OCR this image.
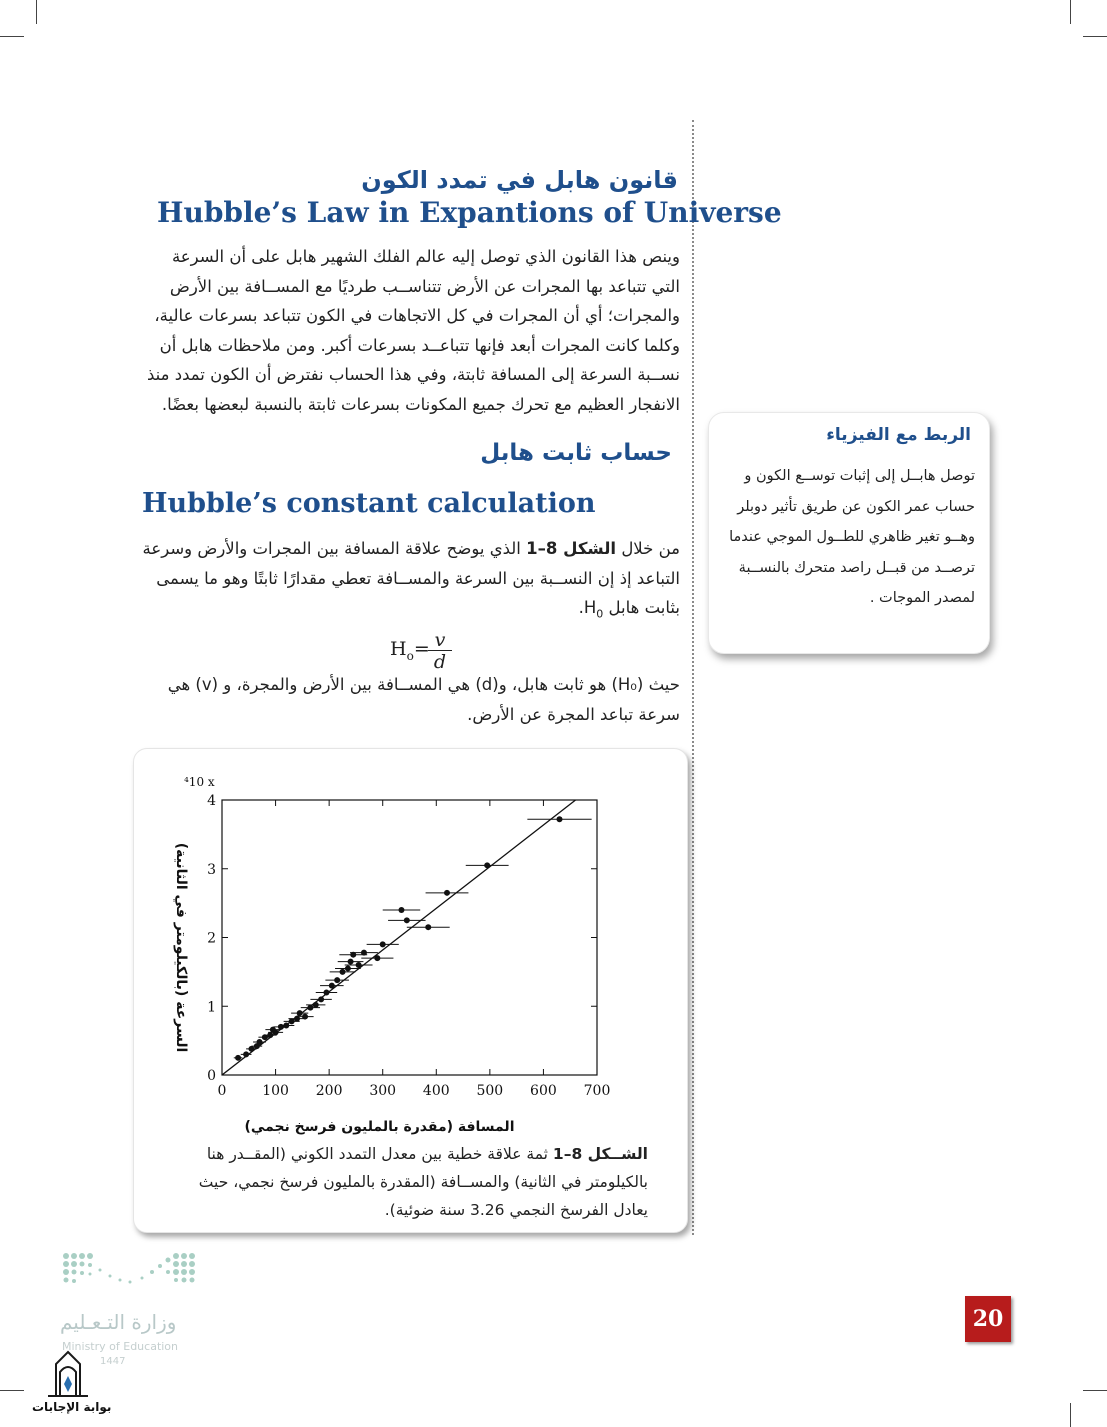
قانون هابل في تمدد الكون
Hubble’s Law in Expantions of Universe
وينص هذا القانون الذي توصل إليه عالم الفلك الشهير هابل على أن السرعة التي تتباعد بها المجرات عن الأرض تتناســب طرديًا مع المســافة بين الأرض والمجرات؛ أي أن المجرات في كل الاتجاهات في الكون تتباعد بسرعات عالية، وكلما كانت المجرات أبعد فإنها تتباعــد بسرعات أكبر. ومن ملاحظات هابل أن نســبة السرعة إلى المسافة ثابتة، وفي هذا الحساب نفترض أن الكون تمدد منذ الانفجار العظيم مع تحرك جميع المكونات بسرعات ثابتة بالنسبة لبعضها بعضًا.
حساب ثابت هابل
Hubble’s constant calculation
من خلال الشكل 8–1 الذي يوضح علاقة المسافة بين المجرات والأرض وسرعة التباعد إذ إن النســبة بين السرعة والمســافة تعطي مقدارًا ثابتًا وهو ما يسمى بثابت هابل $H_0$.
$H_o=$
$\frac{v}{d}$
حيث (H₀) هو ثابت هابل، و(d) هي المســافة بين الأرض والمجرة، و (v) هي سرعة تباعد المجرة عن الأرض.
0	100 200 300 400 500 600 700
0
1
2
3
4
⁴10 x
المسافة (مقدرة بالمليون فرسخ نجمي)
السرعة (بالكيلومتر في الثانية)
الشــكل 8–1 ثمة علاقة خطية بين معدل التمدد الكوني (المقــدر هنا بالكيلومتر في الثانية) والمســافة (المقدرة بالمليون فرسخ نجمي، حيث يعادل الفرسخ النجمي 3.26 سنة ضوئية).
الربط مع الفيزياء
توصل هابــل إلى إثبات توســع الكون و حساب عمر الكون عن طريق تأثير دوبلر وهــو تغير ظاهري للطــول الموجي عندما ترصــد من قبــل راصد متحرك بالنســبة لمصدر الموجات .
20
وزارة التـعـليم
Ministry of Education
1447
بوابة الإجابات
